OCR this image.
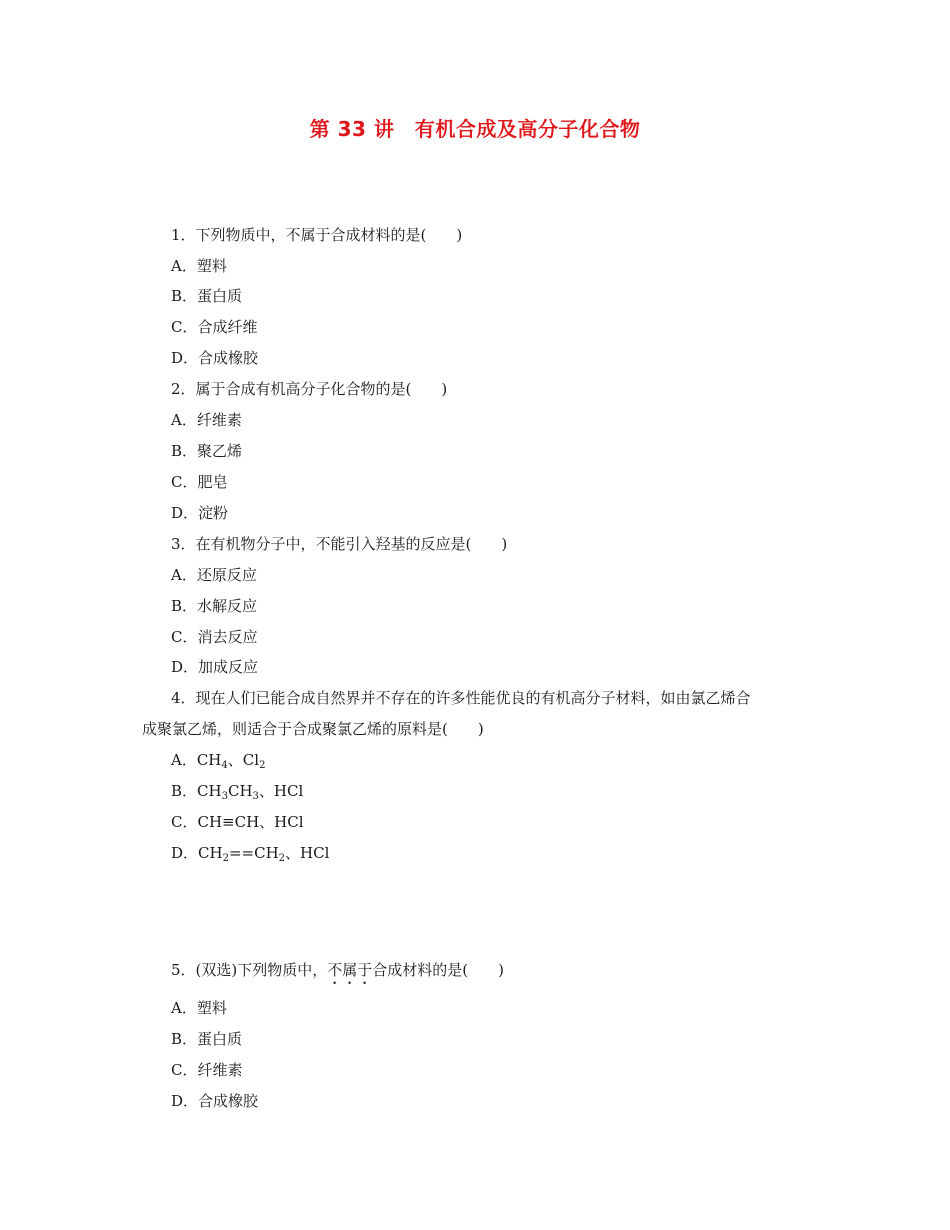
第 33 讲　有机合成及高分子化合物
1．下列物质中，不属于合成材料的是(　　)
A．塑料
B．蛋白质
C．合成纤维
D．合成橡胶
2．属于合成有机高分子化合物的是(　　)
A．纤维素
B．聚乙烯
C．肥皂
D．淀粉
3．在有机物分子中，不能引入羟基的反应是(　　)
A．还原反应
B．水解反应
C．消去反应
D．加成反应
4．现在人们已能合成自然界并不存在的许多性能优良的有机高分子材料，如由氯乙烯合
成聚氯乙烯，则适合于合成聚氯乙烯的原料是(　　)
A．$CH_4$、$Cl_2$
B．$CH_3CH_3$、HCl
C．CH≡CH、HCl
D．$CH_2==CH_2$、HCl
5．(双选)下列物质中，不属于合成材料的是(　　)
A．塑料
B．蛋白质
C．纤维素
D．合成橡胶
